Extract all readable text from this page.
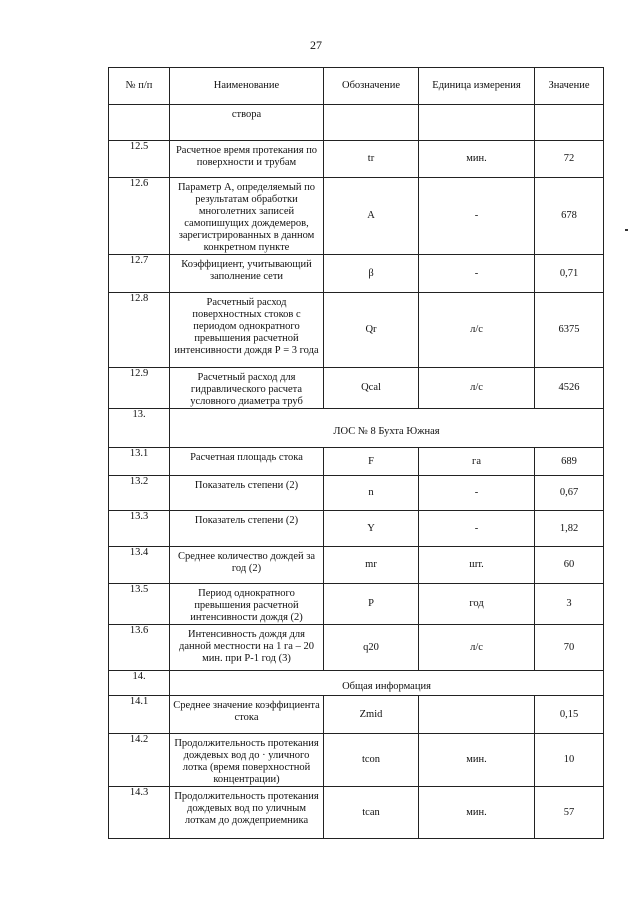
27
№ п/п	Наименование	Обозначение	Единица измерения	Значение
	створа			
12.5	Расчетное время протекания по поверхности и трубам	tr	мин.	72
12.6	Параметр А, определяемый по результатам обработки многолетних записей самопишущих дождемеров, зарегистрированных в данном конкретном пункте	A	-	678
12.7	Коэффициент, учитывающий заполнение сети	β	-	0,71
12.8	Расчетный расход поверхностных стоков с периодом однократного превышения расчетной интенсивности дождя Р = 3 года	Qr	л/с	6375
12.9	Расчетный расход для гидравлического расчета условного диаметра труб	Qcal	л/с	4526
13.	ЛОС № 8 Бухта Южная			
13.1	Расчетная площадь стока	F	га	689
13.2	Показатель степени (2)	n	-	0,67
13.3	Показатель степени (2)	Y	-	1,82
13.4	Среднее количество дождей за год (2)	mr	шт.	60
13.5	Период однократного превышения расчетной интенсивности дождя (2)	P	год	3
13.6	Интенсивность дождя для данной местности на 1 га – 20 мин. при Р-1 год (3)	q20	л/с	70
14.	Общая информация			
14.1	Среднее значение коэффициента стока	Zmid		0,15
14.2	Продолжительность протекания дождевых вод до · уличного лотка (время поверхностной концентрации)	tcon	мин.	10
14.3	Продолжительность протекания дождевых вод по уличным лоткам до дождеприемника	tcan	мин.	57
